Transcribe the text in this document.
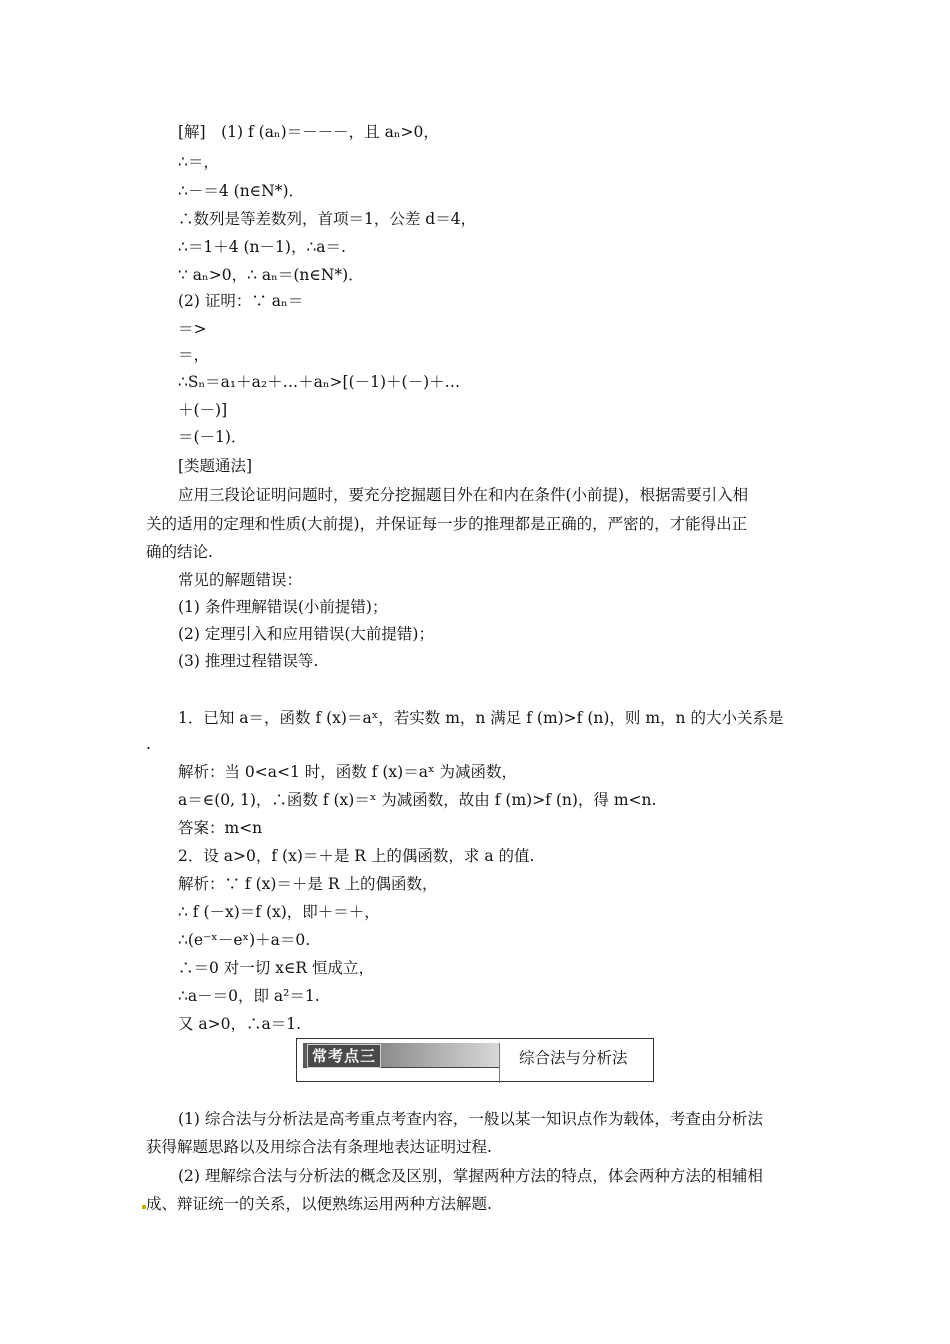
[解]　(1) f (aₙ)＝－－－，且 aₙ>0，
∴＝，
∴－＝4 (n∈N*)．
∴数列是等差数列，首项＝1，公差 d＝4，
∴＝1＋4 (n－1)，∴a＝.
∵ aₙ>0，∴ aₙ＝(n∈N*)．
(2) 证明：∵ aₙ＝
＝>
＝，
∴Sₙ＝a₁＋a₂＋…＋aₙ>[(－1)＋(－)＋…
＋(－)]
＝(－1)．
[类题通法]
应用三段论证明问题时，要充分挖掘题目外在和内在条件(小前提)，根据需要引入相
关的适用的定理和性质(大前提)，并保证每一步的推理都是正确的，严密的，才能得出正
确的结论.
常见的解题错误：
(1) 条件理解错误(小前提错)；
(2) 定理引入和应用错误(大前提错)；
(3) 推理过程错误等.
1．已知 a＝，函数 f (x)＝aˣ，若实数 m，n 满足 f (m)>f (n)，则 m，n 的大小关系是
.
解析：当 0<a<1 时，函数 f (x)＝aˣ 为减函数，
a＝∈(0, 1)，∴函数 f (x)＝ˣ 为减函数，故由 f (m)>f (n)，得 m<n.
答案：m<n
2．设 a>0，f (x)＝＋是 R 上的偶函数，求 a 的值.
解析：∵ f (x)＝＋是 R 上的偶函数，
∴ f (－x)＝f (x)，即＋＝＋，
∴(e⁻ˣ－eˣ)＋a＝0.
∴＝0 对一切 x∈R 恒成立，
∴a－＝0，即 a²＝1.
又 a>0，∴a＝1.
常考点三	综合法与分析法
(1) 综合法与分析法是高考重点考查内容，一般以某一知识点作为载体，考查由分析法
获得解题思路以及用综合法有条理地表达证明过程.
(2) 理解综合法与分析法的概念及区别，掌握两种方法的特点，体会两种方法的相辅相
成、辩证统一的关系，以便熟练运用两种方法解题.
